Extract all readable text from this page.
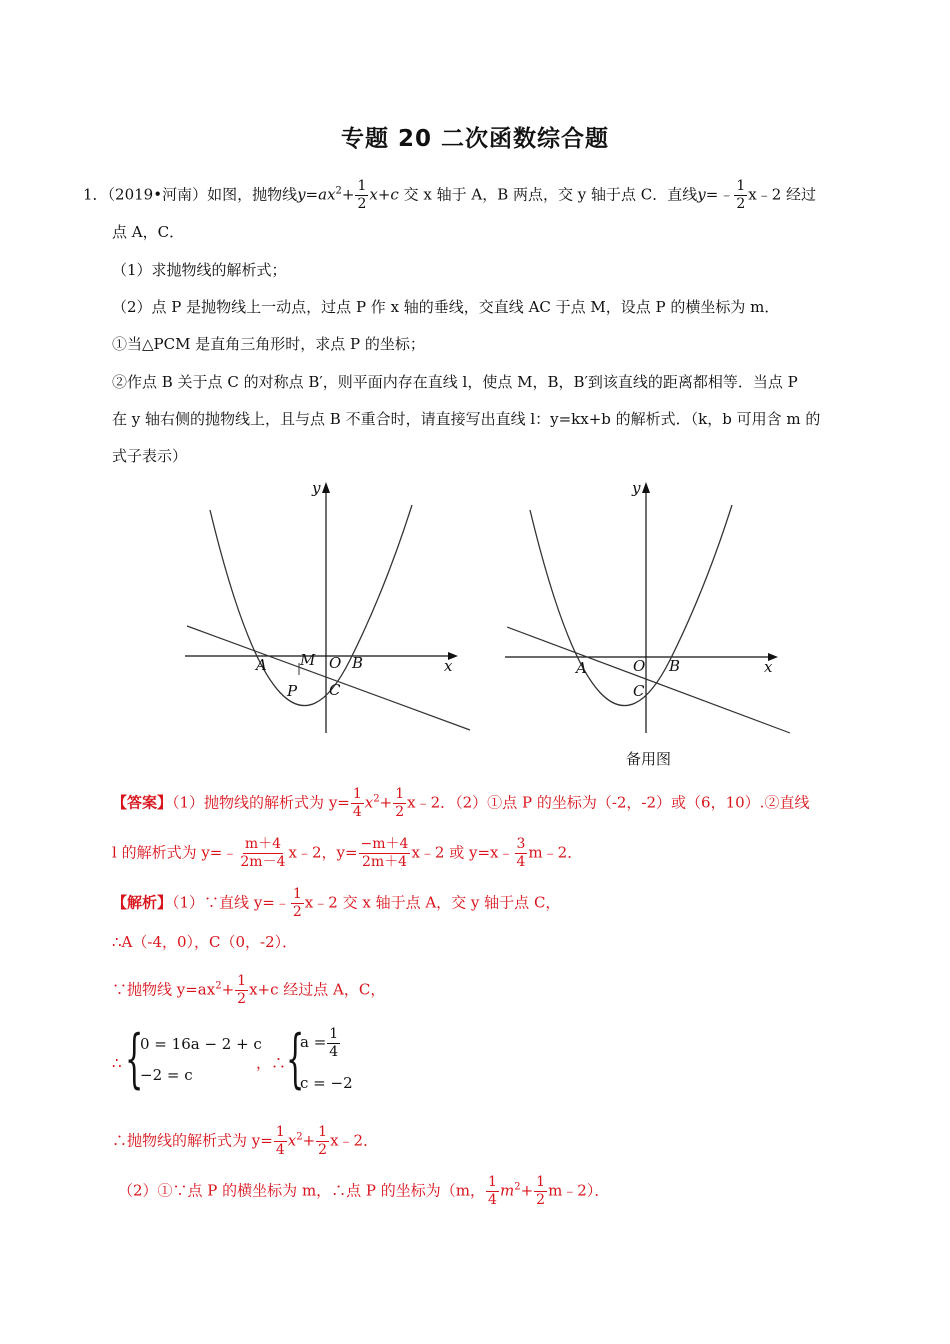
专题 20 二次函数综合题
1．（2019•河南）如图，抛物线$y=ax^2+ \frac{1}{2} x+c$ 交 x 轴于 A，B 两点，交 y 轴于点 C．直线y=﹣ $\frac{1}{2}$ x﹣2 经过
点 A，C．
（1）求抛物线的解析式；
（2）点 P 是抛物线上一动点，过点 P 作 x 轴的垂线，交直线 AC 于点 M，设点 P 的横坐标为 m．
①当△PCM 是直角三角形时，求点 P 的坐标；
②作点 B 关于点 C 的对称点 B′，则平面内存在直线 l，使点 M，B，B′到该直线的距离都相等．当点 P
在 y 轴右侧的抛物线上，且与点 B 不重合时，请直接写出直线 l：y=kx+b 的解析式．（k，b 可用含 m 的
式子表示）
y
x
A M O B
P C
y
x
A	O B
C
备用图
【答案】（1）抛物线的解析式为 $y= \frac{1}{4} x^2+ \frac{1}{2}$ x﹣2．（2）①点 P 的坐标为（-2，-2）或（6，10）.②直线
l 的解析式为 y=﹣ $\frac{m+4}{2m-4}$ x﹣2，$y= \frac{-m+4}{2m+4}$ x﹣2 或 y=x﹣ $\frac{3}{4}$ m﹣2．
【解析】（1）∵直线 y=﹣ $\frac{1}{2}$ x﹣2 交 x 轴于点 A，交 y 轴于点 C，
∴A（-4，0），C（0，-2）．
∵抛物线 $y=ax^2+ \frac{1}{2} x+c$ 经过点 A，C，
∴ {
0 = 16a − 2 + c
−2 = c
，∴ {
$a = \frac{1}{4}$
c = −2
∴抛物线的解析式为 $y= \frac{1}{4} x^2+ \frac{1}{2}$ x﹣2．
（2）①∵点 P 的横坐标为 m，∴点 P 的坐标为（m， $\frac{1}{4} m^2+ \frac{1}{2}$ m﹣2）．
